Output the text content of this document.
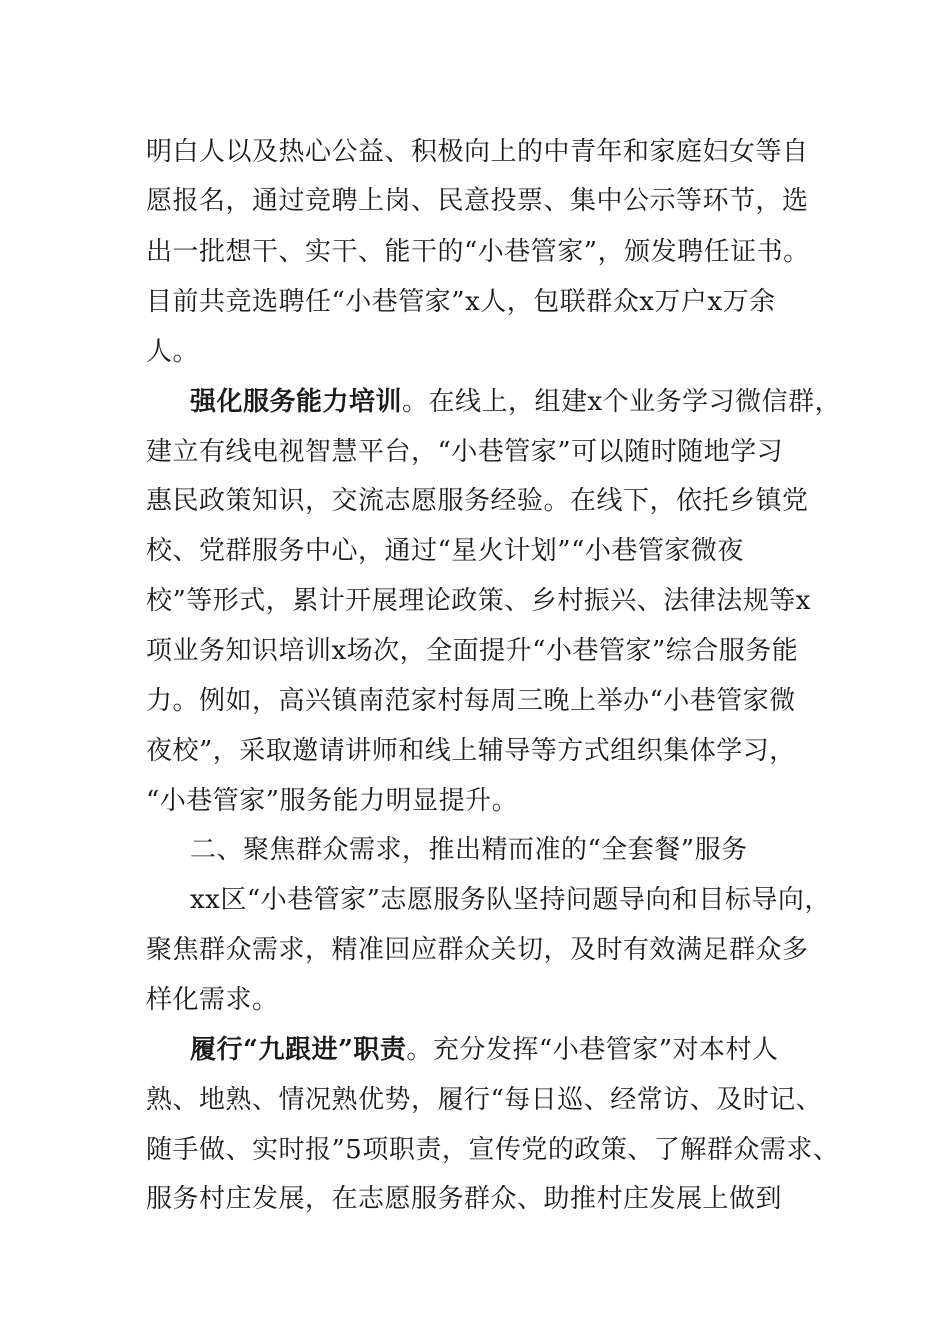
明白人以及热心公益、积极向上的中青年和家庭妇女等自
愿报名，通过竞聘上岗、民意投票、集中公示等环节，选
出一批想干、实干、能干的“小巷管家”，颁发聘任证书。
目前共竞选聘任“小巷管家”x人，包联群众x万户x万余
人。
强化服务能力培训。在线上，组建x个业务学习微信群，
建立有线电视智慧平台，“小巷管家”可以随时随地学习
惠民政策知识，交流志愿服务经验。在线下，依托乡镇党
校、党群服务中心，通过“星火计划”“小巷管家微夜
校”等形式，累计开展理论政策、乡村振兴、法律法规等x
项业务知识培训x场次，全面提升“小巷管家”综合服务能
力。例如，高兴镇南范家村每周三晚上举办“小巷管家微
夜校”，采取邀请讲师和线上辅导等方式组织集体学习，
“小巷管家”服务能力明显提升。
二、聚焦群众需求，推出精而准的“全套餐”服务
xx区“小巷管家”志愿服务队坚持问题导向和目标导向，
聚焦群众需求，精准回应群众关切，及时有效满足群众多
样化需求。
履行“九跟进”职责。充分发挥“小巷管家”对本村人
熟、地熟、情况熟优势，履行“每日巡、经常访、及时记、
随手做、实时报”5项职责，宣传党的政策、了解群众需求、
服务村庄发展，在志愿服务群众、助推村庄发展上做到
